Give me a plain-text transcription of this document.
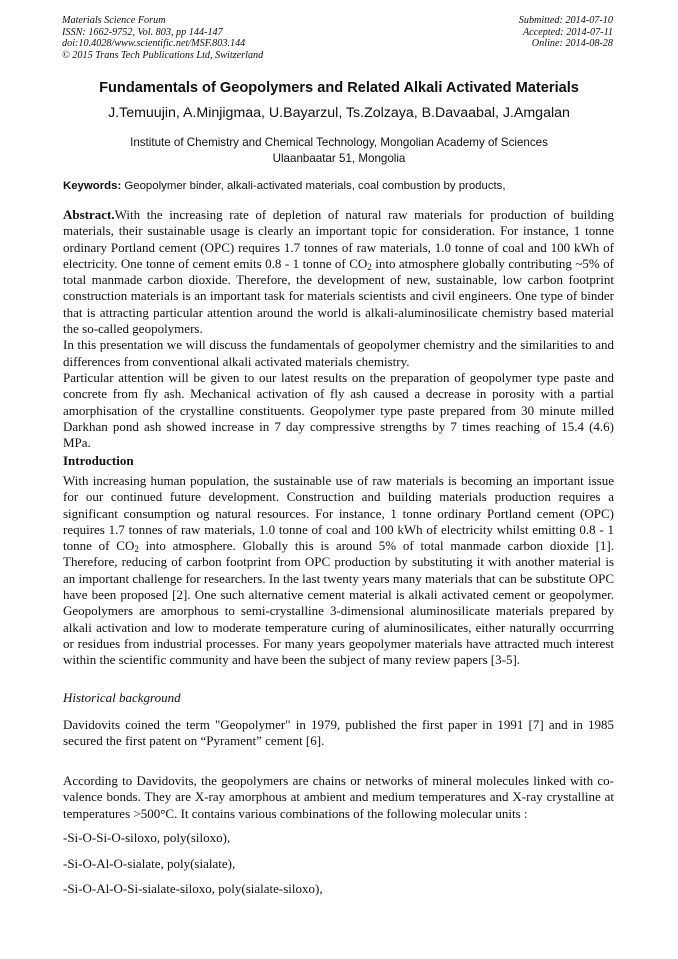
Materials Science Forum
ISSN: 1662-9752, Vol. 803, pp 144-147
doi:10.4028/www.scientific.net/MSF.803.144
© 2015 Trans Tech Publications Ltd, Switzerland
Submitted: 2014-07-10
Accepted: 2014-07-11
Online: 2014-08-28
Fundamentals of Geopolymers and Related Alkali Activated Materials
J.Temuujin, A.Minjigmaa, U.Bayarzul, Ts.Zolzaya, B.Davaabal, J.Amgalan
Institute of Chemistry and Chemical Technology, Mongolian Academy of Sciences
Ulaanbaatar 51, Mongolia
Keywords: Geopolymer binder, alkali-activated materials, coal combustion by products,

Abstract.With the increasing rate of depletion of natural raw materials for production of building materials, their sustainable usage is clearly an important topic for consideration. For instance, 1 tonne ordinary Portland cement (OPC) requires 1.7 tonnes of raw materials, 1.0 tonne of coal and 100 kWh of electricity. One tonne of cement emits 0.8 - 1 tonne of $CO_2$ into atmosphere globally contributing ~5% of total manmade carbon dioxide. Therefore, the development of new, sustainable, low carbon footprint construction materials is an important task for materials scientists and civil engineers. One type of binder that is attracting particular attention around the world is alkali-aluminosilicate chemistry based material the so-called geopolymers.

In this presentation we will discuss the fundamentals of geopolymer chemistry and the similarities to and differences from conventional alkali activated materials chemistry.

Particular attention will be given to our latest results on the preparation of geopolymer type paste and concrete from fly ash. Mechanical activation of fly ash caused a decrease in porosity with a partial amorphisation of the crystalline constituents. Geopolymer type paste prepared from 30 minute milled Darkhan pond ash showed increase in 7 day compressive strengths by 7 times reaching of 15.4 (4.6) MPa.

Introduction

With increasing human population, the sustainable use of raw materials is becoming an important issue for our continued future development. Construction and building materials production requires a significant consumption og natural resources. For instance, 1 tonne ordinary Portland cement (OPC) requires 1.7 tonnes of raw materials, 1.0 tonne of coal and 100 kWh of electricity whilst emitting 0.8 - 1 tonne of $CO_2$ into atmosphere. Globally this is around 5% of total manmade carbon dioxide [1]. Therefore, reducing of carbon footprint from OPC production by substituting it with another material is an important challenge for researchers. In the last twenty years many materials that can be substitute OPC have been proposed [2]. One such alternative cement material is alkali activated cement or geopolymer. Geopolymers are amorphous to semi-crystalline 3-dimensional aluminosilicate materials prepared by alkali activation and low to moderate temperature curing of aluminosilicates, either naturally occurrring or residues from industrial processes. For many years geopolymer materials have attracted much interest within the scientific community and have been the subject of many review papers [3-5].

Historical background
Davidovits coined the term "Geopolymer" in 1979, published the first paper in 1991 [7] and in 1985 secured the first patent on “Pyrament” cement [6].
According to Davidovits, the geopolymers are chains or networks of mineral molecules linked with co-valence bonds. They are X-ray amorphous at ambient and medium temperatures and X-ray crystalline at temperatures >500°C. It contains various combinations of the following molecular units :
-Si-O-Si-O-siloxo, poly(siloxo),
-Si-O-Al-O-sialate, poly(sialate),
-Si-O-Al-O-Si-sialate-siloxo, poly(sialate-siloxo),
